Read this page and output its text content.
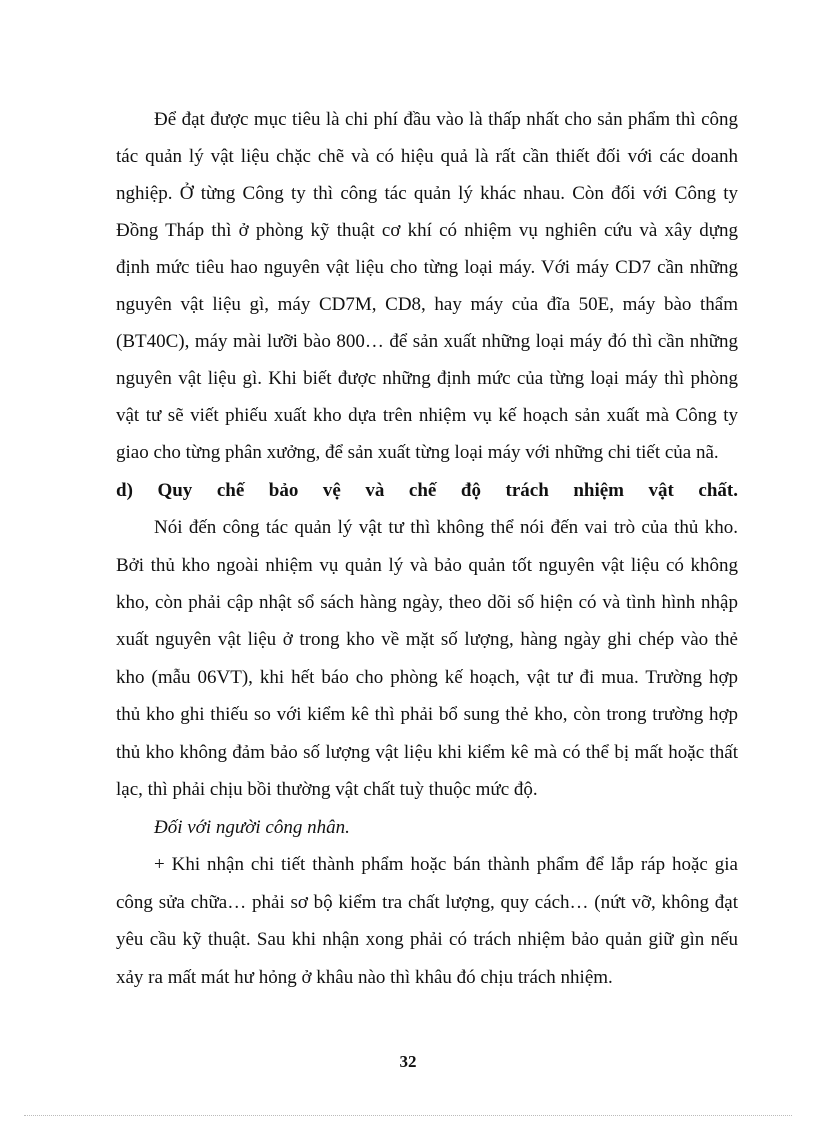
Để đạt được mục tiêu là chi phí đầu vào là thấp nhất cho sản phẩm thì công
tác quản lý vật liệu chặc chẽ và có hiệu quả là rất cần thiết đối với các doanh
nghiệp. Ở từng Công ty thì công tác quản lý khác nhau. Còn đối với Công ty
Đồng Tháp thì ở phòng kỹ thuật cơ khí có nhiệm vụ nghiên cứu và xây dựng
định mức tiêu hao nguyên vật liệu cho từng loại máy. Với máy CD7 cần những
nguyên vật liệu gì, máy CD7M, CD8, hay máy của đĩa 50E, máy bào thẩm
(BT40C), máy mài lưỡi bào 800… để sản xuất những loại máy đó thì cần những
nguyên vật liệu gì. Khi biết được những định mức của từng loại máy thì phòng
vật tư sẽ viết phiếu xuất kho dựa trên nhiệm vụ kế hoạch sản xuất mà Công ty
giao cho từng phân xưởng, để sản xuất từng loại máy với những chi tiết của nã.
d) Quy chế bảo vệ và chế độ trách nhiệm vật chất.
Nói đến công tác quản lý vật tư thì không thể nói đến vai trò của thủ kho.
Bởi thủ kho ngoài nhiệm vụ quản lý và bảo quản tốt nguyên vật liệu có không
kho, còn phải cập nhật sổ sách hàng ngày, theo dõi số hiện có và tình hình nhập
xuất nguyên vật liệu ở trong kho về mặt số lượng, hàng ngày ghi chép vào thẻ
kho (mẫu 06VT), khi hết báo cho phòng kế hoạch, vật tư đi mua. Trường hợp
thủ kho ghi thiếu so với kiểm kê thì phải bổ sung thẻ kho, còn trong trường hợp
thủ kho không đảm bảo số lượng vật liệu khi kiểm kê mà có thể bị mất hoặc thất
lạc, thì phải chịu bồi thường vật chất tuỳ thuộc mức độ.
Đối với người công nhân.
+ Khi nhận chi tiết thành phẩm hoặc bán thành phẩm để lắp ráp hoặc gia
công sửa chữa… phải sơ bộ kiểm tra chất lượng, quy cách… (nứt vỡ, không đạt
yêu cầu kỹ thuật. Sau khi nhận xong phải có trách nhiệm bảo quản giữ gìn nếu
xảy ra mất mát hư hỏng ở khâu nào thì khâu đó chịu trách nhiệm.
32
